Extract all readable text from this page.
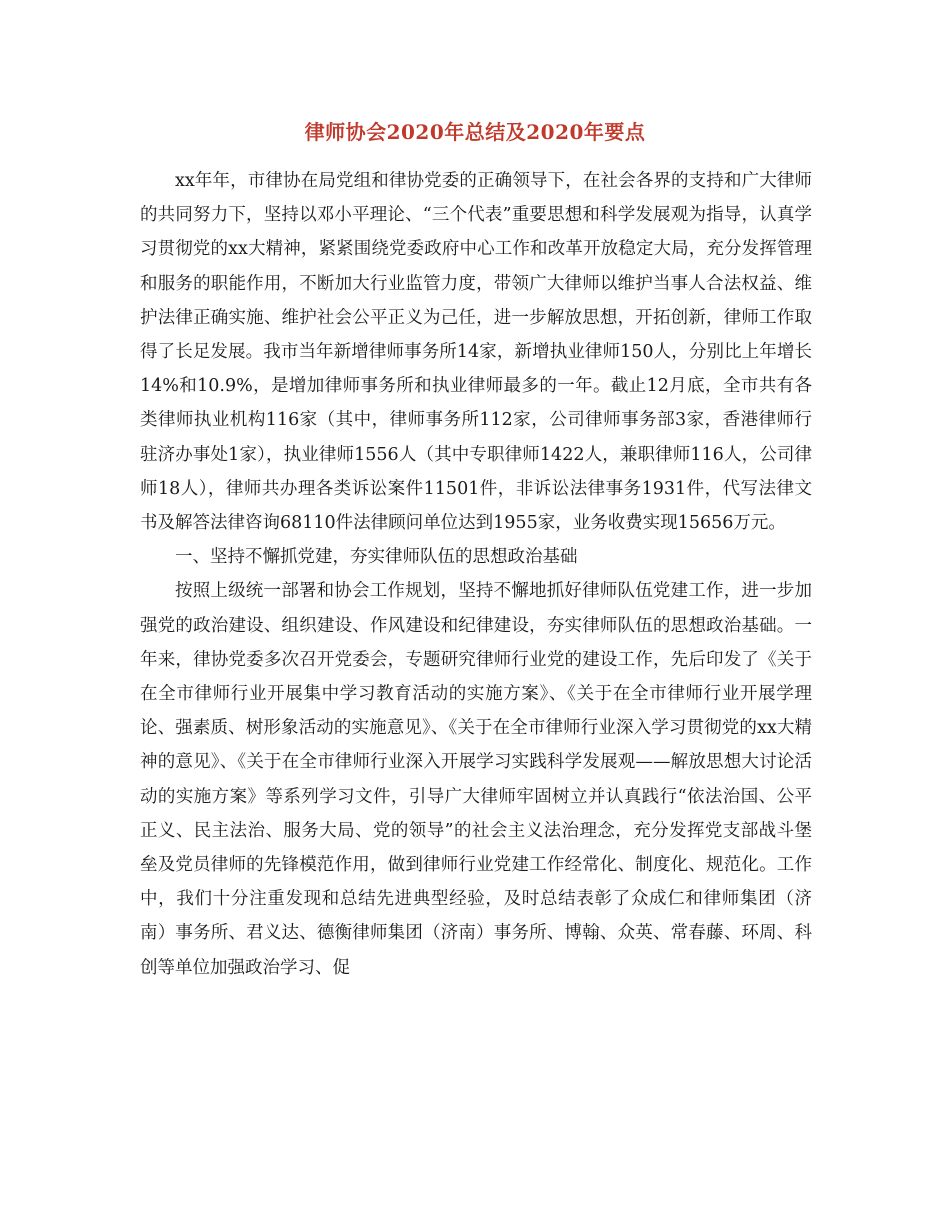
律师协会2020年总结及2020年要点

xx年年，市律协在局党组和律协党委的正确领导下，在社会各界的支持和广大律师的共同努力下，坚持以邓小平理论、“三个代表”重要思想和科学发展观为指导，认真学习贯彻党的xx大精神，紧紧围绕党委政府中心工作和改革开放稳定大局，充分发挥管理和服务的职能作用，不断加大行业监管力度，带领广大律师以维护当事人合法权益、维护法律正确实施、维护社会公平正义为己任，进一步解放思想，开拓创新，律师工作取得了长足发展。我市当年新增律师事务所14家，新增执业律师150人，分别比上年增长14%和10.9%，是增加律师事务所和执业律师最多的一年。截止12月底，全市共有各类律师执业机构116家（其中，律师事务所112家，公司律师事务部3家，香港律师行驻济办事处1家），执业律师1556人（其中专职律师1422人，兼职律师116人，公司律师18人），律师共办理各类诉讼案件11501件，非诉讼法律事务1931件，代写法律文书及解答法律咨询68110件法律顾问单位达到1955家，业务收费实现15656万元。

一、坚持不懈抓党建，夯实律师队伍的思想政治基础

按照上级统一部署和协会工作规划，坚持不懈地抓好律师队伍党建工作，进一步加强党的政治建设、组织建设、作风建设和纪律建设，夯实律师队伍的思想政治基础。一年来，律协党委多次召开党委会，专题研究律师行业党的建设工作，先后印发了《关于在全市律师行业开展集中学习教育活动的实施方案》、《关于在全市律师行业开展学理论、强素质、树形象活动的实施意见》、《关于在全市律师行业深入学习贯彻党的xx大精神的意见》、《关于在全市律师行业深入开展学习实践科学发展观——解放思想大讨论活动的实施方案》等系列学习文件，引导广大律师牢固树立并认真践行“依法治国、公平正义、民主法治、服务大局、党的领导”的社会主义法治理念，充分发挥党支部战斗堡垒及党员律师的先锋模范作用，做到律师行业党建工作经常化、制度化、规范化。工作中，我们十分注重发现和总结先进典型经验，及时总结表彰了众成仁和律师集团（济南）事务所、君义达、德衡律师集团（济南）事务所、博翰、众英、常春藤、环周、科创等单位加强政治学习、促
